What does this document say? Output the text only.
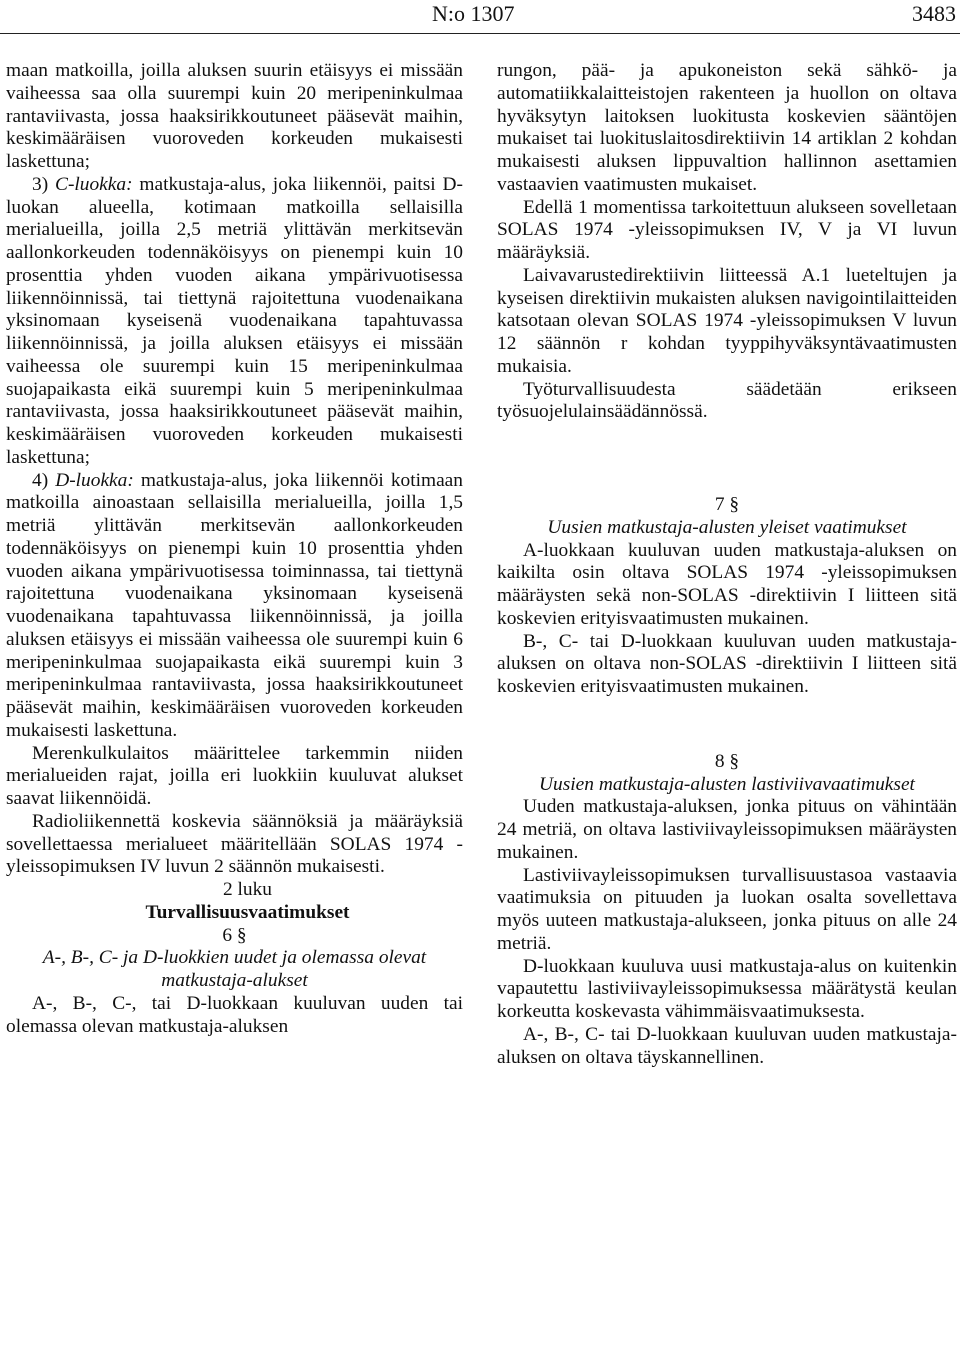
N:o 1307	3483

maan matkoilla, joilla aluksen suurin etäisyys ei missään vaiheessa saa olla suurempi kuin 20 meripeninkulmaa rantaviivasta, jossa haaksirikkoutuneet pääsevät maihin, keskimääräisen vuoroveden korkeuden mukaisesti laskettuna;

3) C-luokka: matkustaja-alus, joka liikennöi, paitsi D-luokan alueella, kotimaan matkoilla sellaisilla merialueilla, joilla 2,5 metriä ylittävän merkitsevän aallonkorkeuden todennäköisyys on pienempi kuin 10 prosenttia yhden vuoden aikana ympärivuotisessa liikennöinnissä, tai tiettynä rajoitettuna vuodenaikana yksinomaan kyseisenä vuodenaikana tapahtuvassa liikennöinnissä, ja joilla aluksen etäisyys ei missään vaiheessa ole suurempi kuin 15 meripeninkulmaa suojapaikasta eikä suurempi kuin 5 meripeninkulmaa rantaviivasta, jossa haaksirikkoutuneet pääsevät maihin, keskimääräisen vuoroveden korkeuden mukaisesti laskettuna;

4) D-luokka: matkustaja-alus, joka liikennöi kotimaan matkoilla ainoastaan sellaisilla merialueilla, joilla 1,5 metriä ylittävän merkitsevän aallonkorkeuden todennäköisyys on pienempi kuin 10 prosenttia yhden vuoden aikana ympärivuotisessa toiminnassa, tai tiettynä rajoitettuna vuodenaikana yksinomaan kyseisenä vuodenaikana tapahtuvassa liikennöinnissä, ja joilla aluksen etäisyys ei missään vaiheessa ole suurempi kuin 6 meripeninkulmaa suojapaikasta eikä suurempi kuin 3 meripeninkulmaa rantaviivasta, jossa haaksirikkoutuneet pääsevät maihin, keskimääräisen vuoroveden korkeuden mukaisesti laskettuna.

Merenkulkulaitos määrittelee tarkemmin niiden merialueiden rajat, joilla eri luokkiin kuuluvat alukset saavat liikennöidä.

Radioliikennettä koskevia säännöksiä ja määräyksiä sovellettaessa merialueet määritellään SOLAS 1974 -yleissopimuksen IV luvun 2 säännön mukaisesti.

2 luku

Turvallisuusvaatimukset

6 §

A-, B-, C- ja D-luokkien uudet ja olemassa olevat matkustaja-alukset

A-, B-, C-, tai D-luokkaan kuuluvan uuden tai olemassa olevan matkustaja-aluksen

rungon, pää- ja apukoneiston sekä sähkö- ja automatiikkalaitteistojen rakenteen ja huollon on oltava hyväksytyn laitoksen luokitusta koskevien sääntöjen mukaiset tai luokituslaitosdirektiivin 14 artiklan 2 kohdan mukaisesti aluksen lippuvaltion hallinnon asettamien vastaavien vaatimusten mukaiset.

Edellä 1 momentissa tarkoitettuun alukseen sovelletaan SOLAS 1974 -yleissopimuksen IV, V ja VI luvun määräyksiä.

Laivavarustedirektiivin liitteessä A.1 lueteltujen ja kyseisen direktiivin mukaisten aluksen navigointilaitteiden katsotaan olevan SOLAS 1974 -yleissopimuksen V luvun 12 säännön r kohdan tyyppihyväksyntävaatimusten mukaisia.

Työturvallisuudesta säädetään erikseen työsuojelulainsäädännössä.

7 §

Uusien matkustaja-alusten yleiset vaatimukset

A-luokkaan kuuluvan uuden matkustaja-aluksen on kaikilta osin oltava SOLAS 1974 -yleissopimuksen määräysten sekä non-SOLAS -direktiivin I liitteen sitä koskevien erityisvaatimusten mukainen.

B-, C- tai D-luokkaan kuuluvan uuden matkustaja-aluksen on oltava non-SOLAS -direktiivin I liitteen sitä koskevien erityisvaatimusten mukainen.

8 §

Uusien matkustaja-alusten lastiviivavaatimukset

Uuden matkustaja-aluksen, jonka pituus on vähintään 24 metriä, on oltava lastiviivayleissopimuksen määräysten mukainen.

Lastiviivayleissopimuksen turvallisuustasoa vastaavia vaatimuksia on pituuden ja luokan osalta sovellettava myös uuteen matkustaja-alukseen, jonka pituus on alle 24 metriä.

D-luokkaan kuuluva uusi matkustaja-alus on kuitenkin vapautettu lastiviivayleissopimuksessa määrätystä keulan korkeutta koskevasta vähimmäisvaatimuksesta.

A-, B-, C- tai D-luokkaan kuuluvan uuden matkustaja-aluksen on oltava täyskannellinen.
